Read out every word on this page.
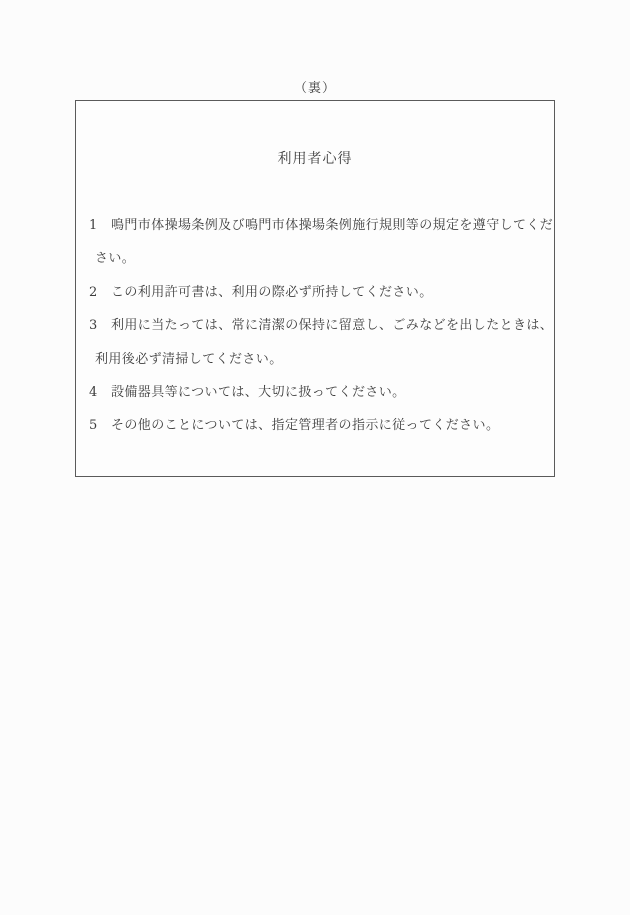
（裏）
利用者心得
1 鳴門市体操場条例及び鳴門市体操場条例施行規則等の規定を遵守してくだ
さい。
2 この利用許可書は、利用の際必ず所持してください。
3 利用に当たっては、常に清潔の保持に留意し、ごみなどを出したときは、
利用後必ず清掃してください。
4 設備器具等については、大切に扱ってください。
5 その他のことについては、指定管理者の指示に従ってください。
